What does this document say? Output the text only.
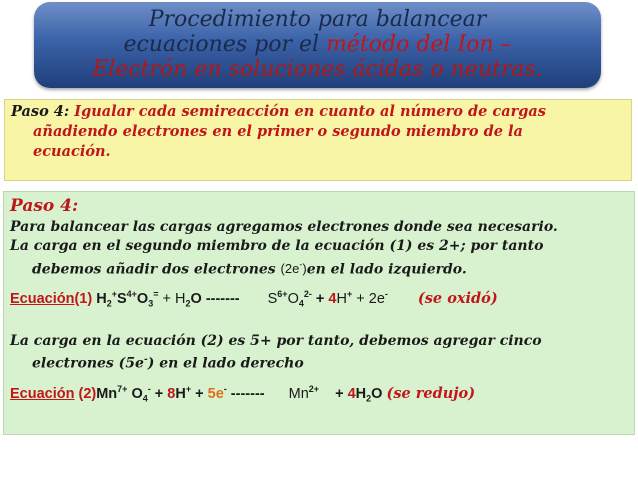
Procedimiento para balancear
ecuaciones por el método del Ion –
Electrón en soluciones ácidas o neutras.
Paso 4: Igualar cada semireacción en cuanto al número de cargas
añadiendo electrones en el primer o segundo miembro de la
ecuación.
Paso 4:
Para balancear las cargas agregamos electrones donde sea necesario.
La carga en el segundo miembro de la ecuación (1) es 2+; por tanto
debemos añadir dos electrones (2e-)en el lado izquierdo.
Ecuación(1) $H_2^+S^{4+}O_3^= + H_2O$ ------- $S^{6+}O_4^{2-} + 4H^+ + 2e^-$ (se oxidó)
La carga en la ecuación (2) es 5+ por tanto, debemos agregar cinco
electrones (5e-) en el lado derecho
Ecuación $(2)Mn^{7+}$ $O_4^- + 8H^+ + 5e^-$ ------- $Mn^{2+} + 4H_2O$ (se redujo)
